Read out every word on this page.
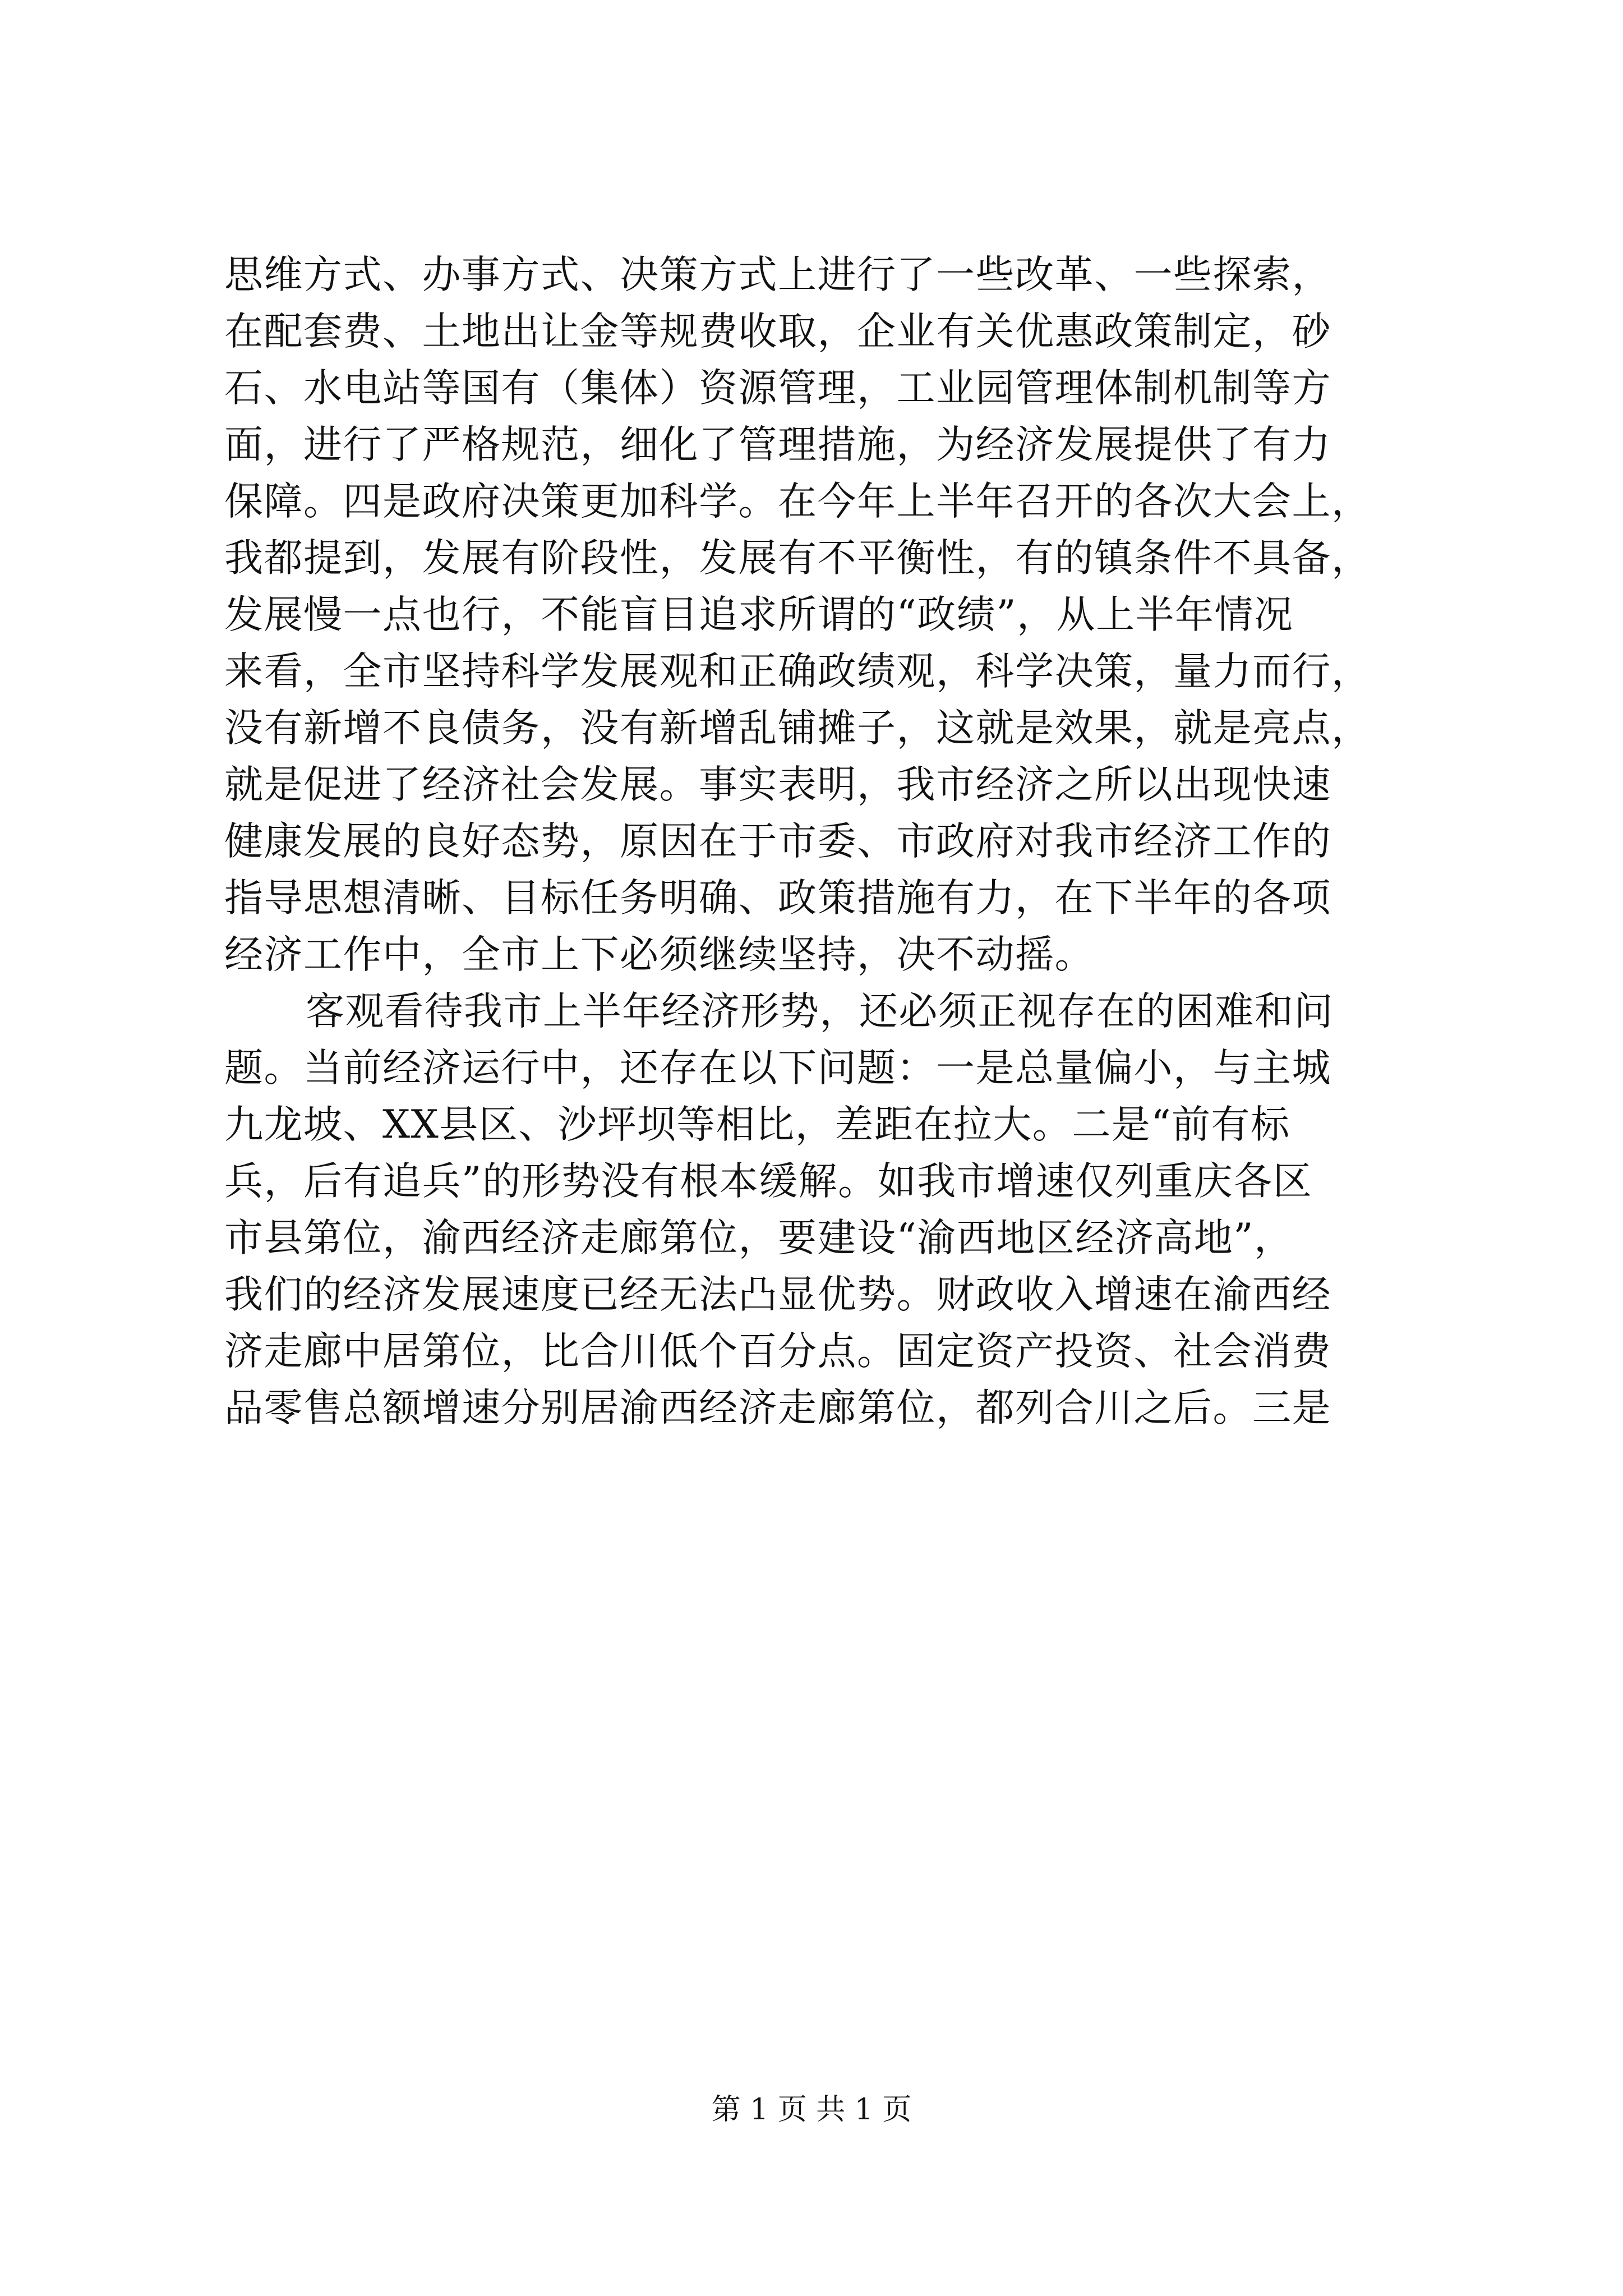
思维方式、办事方式、决策方式上进行了一些改革、一些探索，
在配套费、土地出让金等规费收取，企业有关优惠政策制定，砂
石、水电站等国有（集体）资源管理，工业园管理体制机制等方
面，进行了严格规范，细化了管理措施，为经济发展提供了有力
保障。四是政府决策更加科学。在今年上半年召开的各次大会上，
我都提到，发展有阶段性，发展有不平衡性，有的镇条件不具备，
发展慢一点也行，不能盲目追求所谓的“政绩”，从上半年情况
来看，全市坚持科学发展观和正确政绩观，科学决策，量力而行，
没有新增不良债务，没有新增乱铺摊子，这就是效果，就是亮点，
就是促进了经济社会发展。事实表明，我市经济之所以出现快速
健康发展的良好态势，原因在于市委、市政府对我市经济工作的
指导思想清晰、目标任务明确、政策措施有力，在下半年的各项
经济工作中，全市上下必须继续坚持，决不动摇。
客观看待我市上半年经济形势，还必须正视存在的困难和问
题。当前经济运行中，还存在以下问题：一是总量偏小，与主城
九龙坡、XX县区、沙坪坝等相比，差距在拉大。二是“前有标
兵，后有追兵”的形势没有根本缓解。如我市增速仅列重庆各区
市县第位，渝西经济走廊第位，要建设“渝西地区经济高地”，
我们的经济发展速度已经无法凸显优势。财政收入增速在渝西经
济走廊中居第位，比合川低个百分点。固定资产投资、社会消费
品零售总额增速分别居渝西经济走廊第位，都列合川之后。三是
第 1 页 共 1 页
